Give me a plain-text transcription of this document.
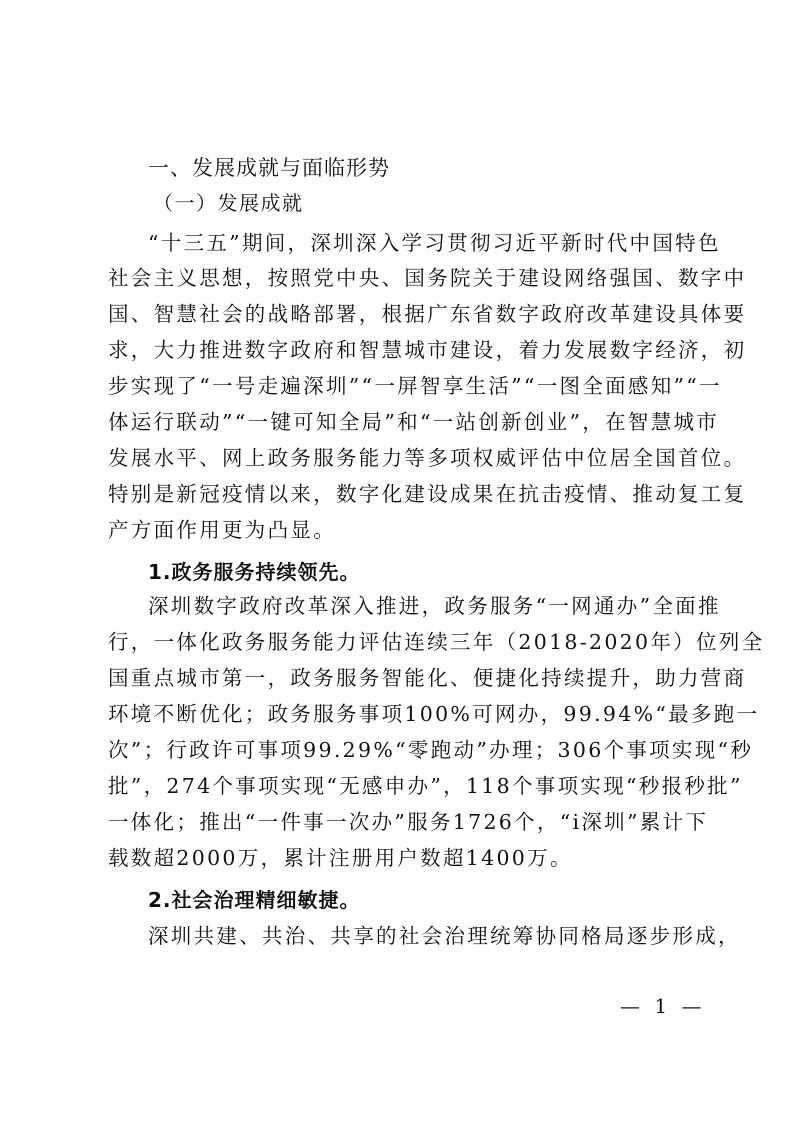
一、发展成就与面临形势
（一）发展成就
“十三五”期间，深圳深入学习贯彻习近平新时代中国特色
社会主义思想，按照党中央、国务院关于建设网络强国、数字中
国、智慧社会的战略部署，根据广东省数字政府改革建设具体要
求，大力推进数字政府和智慧城市建设，着力发展数字经济，初
步实现了“一号走遍深圳”“一屏智享生活”“一图全面感知”“一
体运行联动”“一键可知全局”和“一站创新创业”，在智慧城市
发展水平、网上政务服务能力等多项权威评估中位居全国首位。
特别是新冠疫情以来，数字化建设成果在抗击疫情、推动复工复
产方面作用更为凸显。
1.政务服务持续领先。
深圳数字政府改革深入推进，政务服务“一网通办”全面推
行，一体化政务服务能力评估连续三年（2018-2020年）位列全
国重点城市第一，政务服务智能化、便捷化持续提升，助力营商
环境不断优化；政务服务事项100%可网办，99.94%“最多跑一
次”；行政许可事项99.29%“零跑动”办理；306个事项实现“秒
批”，274个事项实现“无感申办”，118个事项实现“秒报秒批”
一体化；推出“一件事一次办”服务1726个，“i深圳”累计下
载数超2000万，累计注册用户数超1400万。
2.社会治理精细敏捷。
深圳共建、共治、共享的社会治理统筹协同格局逐步形成，
— 1 —
